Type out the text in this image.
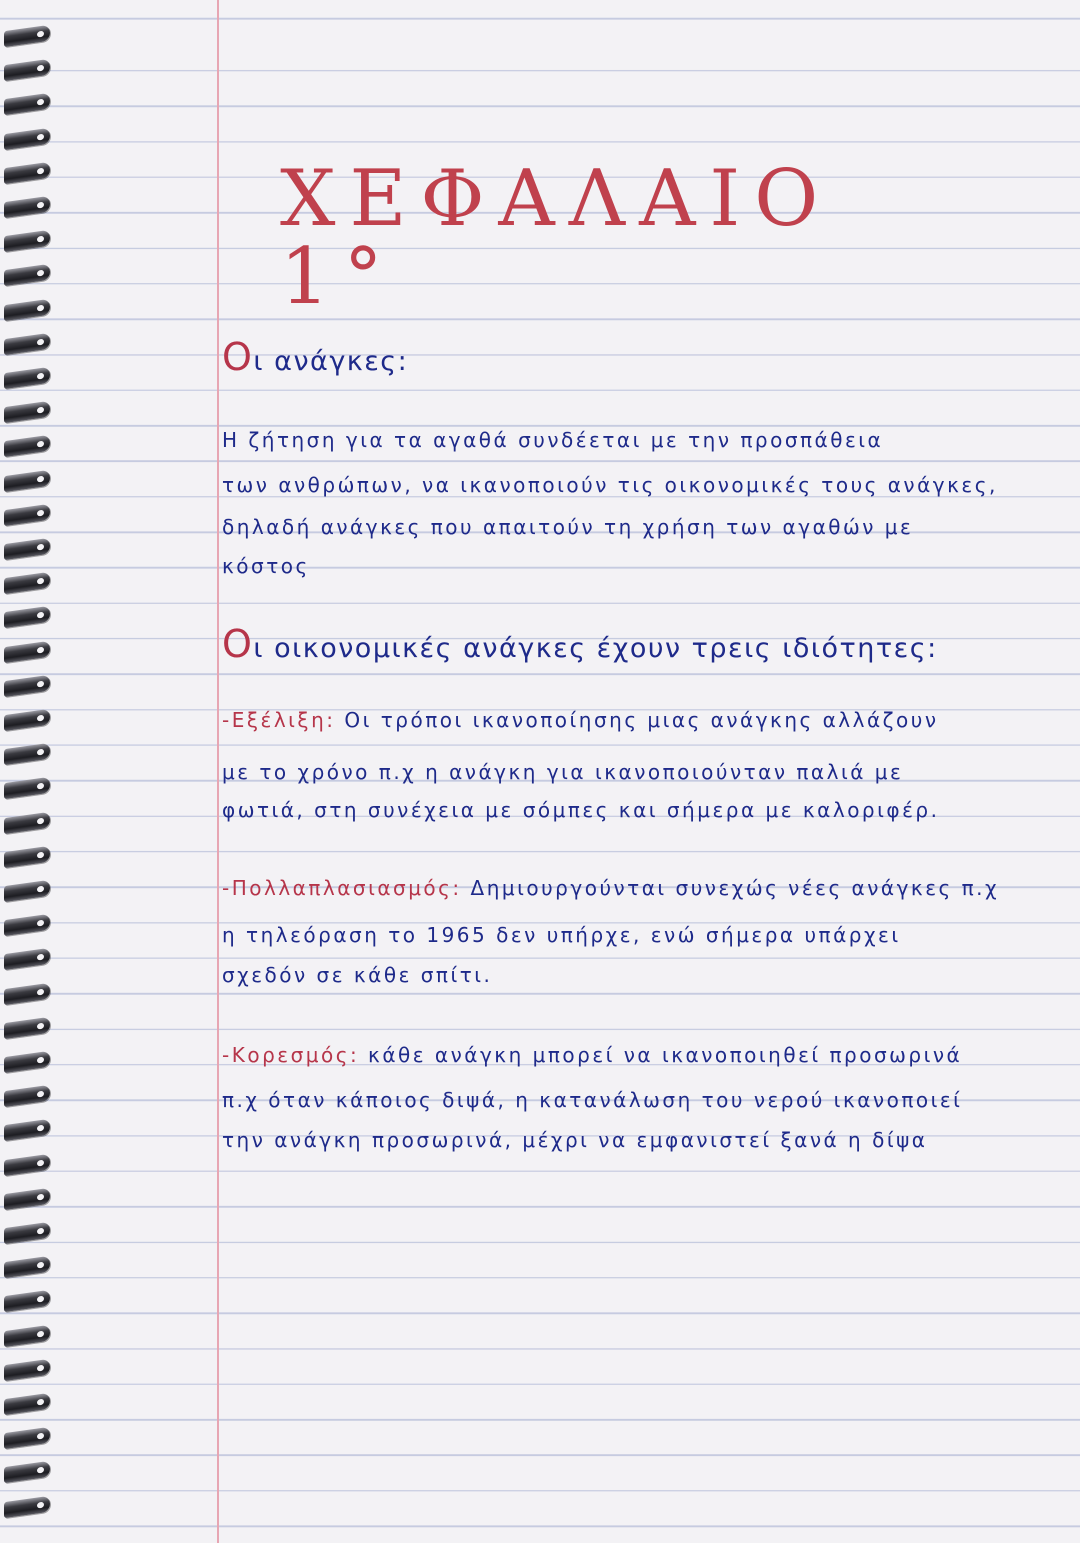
ΧΕΦΑΛΑΙΟ 1°

Οι ανάγκες:

Η ζήτηση για τα αγαθά συνδέεται με την προσπάθεια

των ανθρώπων, να ικανοποιούν τις οικονομικές τους ανάγκες,

δηλαδή ανάγκες που απαιτούν τη χρήση των αγαθών με

κόστος

Οι οικονομικές ανάγκες έχουν τρεις ιδιότητες:

-Εξέλιξη: Οι τρόποι ικανοποίησης μιας ανάγκης αλλάζουν

με το χρόνο π.χ η ανάγκη για ικανοποιούνταν παλιά με

φωτιά, στη συνέχεια με σόμπες και σήμερα με καλοριφέρ.

-Πολλαπλασιασμός: Δημιουργούνται συνεχώς νέες ανάγκες π.χ

η τηλεόραση το 1965 δεν υπήρχε, ενώ σήμερα υπάρχει

σχεδόν σε κάθε σπίτι.

-Κορεσμός: κάθε ανάγκη μπορεί να ικανοποιηθεί προσωρινά

π.χ όταν κάποιος διψά, η κατανάλωση του νερού ικανοποιεί

την ανάγκη προσωρινά, μέχρι να εμφανιστεί ξανά η δίψα
